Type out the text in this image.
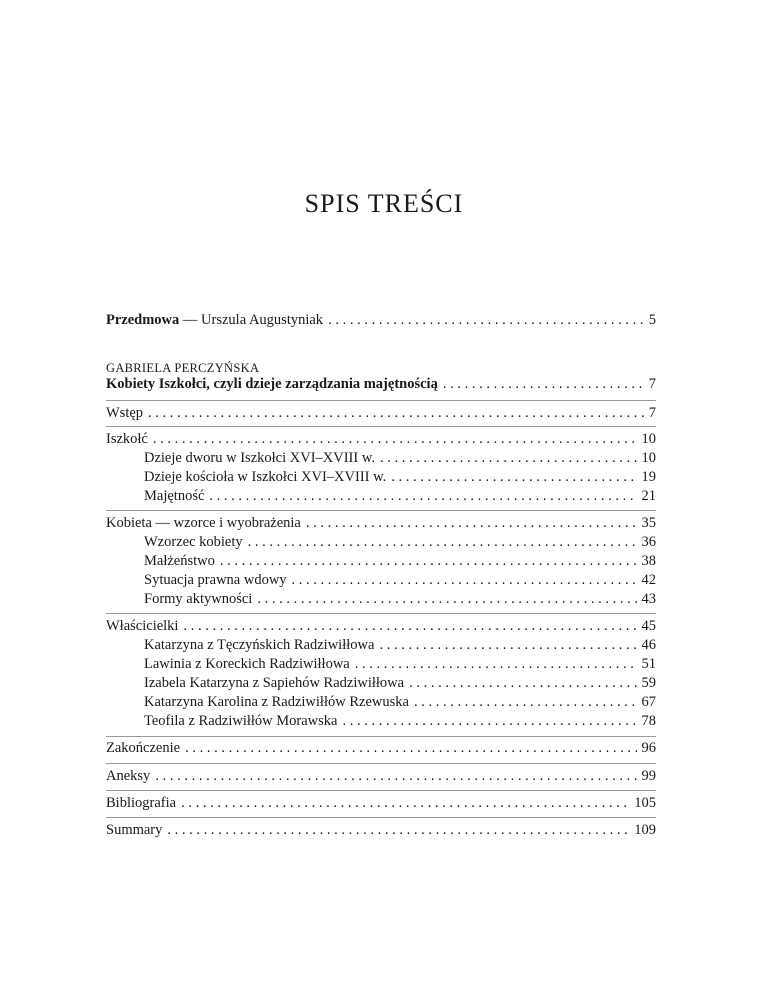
SPIS TREŚCI
Przedmowa — Urszula Augustyniak . . .	5
GABRIELA PERCZYŃSKA
Kobiety Iszkołci, czyli dzieje zarządzania majętnością . . .	7
Wstęp . . .	7
Iszkołć . . .	10
Dzieje dworu w Iszkołci XVI–XVIII w. . . .	10
Dzieje kościoła w Iszkołci XVI–XVIII w. . . .	19
Majętność . . .	21
Kobieta — wzorce i wyobrażenia . . .	35
Wzorzec kobiety . . .	36
Małżeństwo . . .	38
Sytuacja prawna wdowy . . .	42
Formy aktywności . . .	43
Właścicielki . . .	45
Katarzyna z Tęczyńskich Radziwiłłowa . . .	46
Lawinia z Koreckich Radziwiłłowa . . .	51
Izabela Katarzyna z Sapiehów Radziwiłłowa . . .	59
Katarzyna Karolina z Radziwiłłów Rzewuska . . .	67
Teofila z Radziwiłłów Morawska . . .	78
Zakończenie . . .	96
Aneksy . . .	99
Bibliografia . . .	105
Summary . . .	109
